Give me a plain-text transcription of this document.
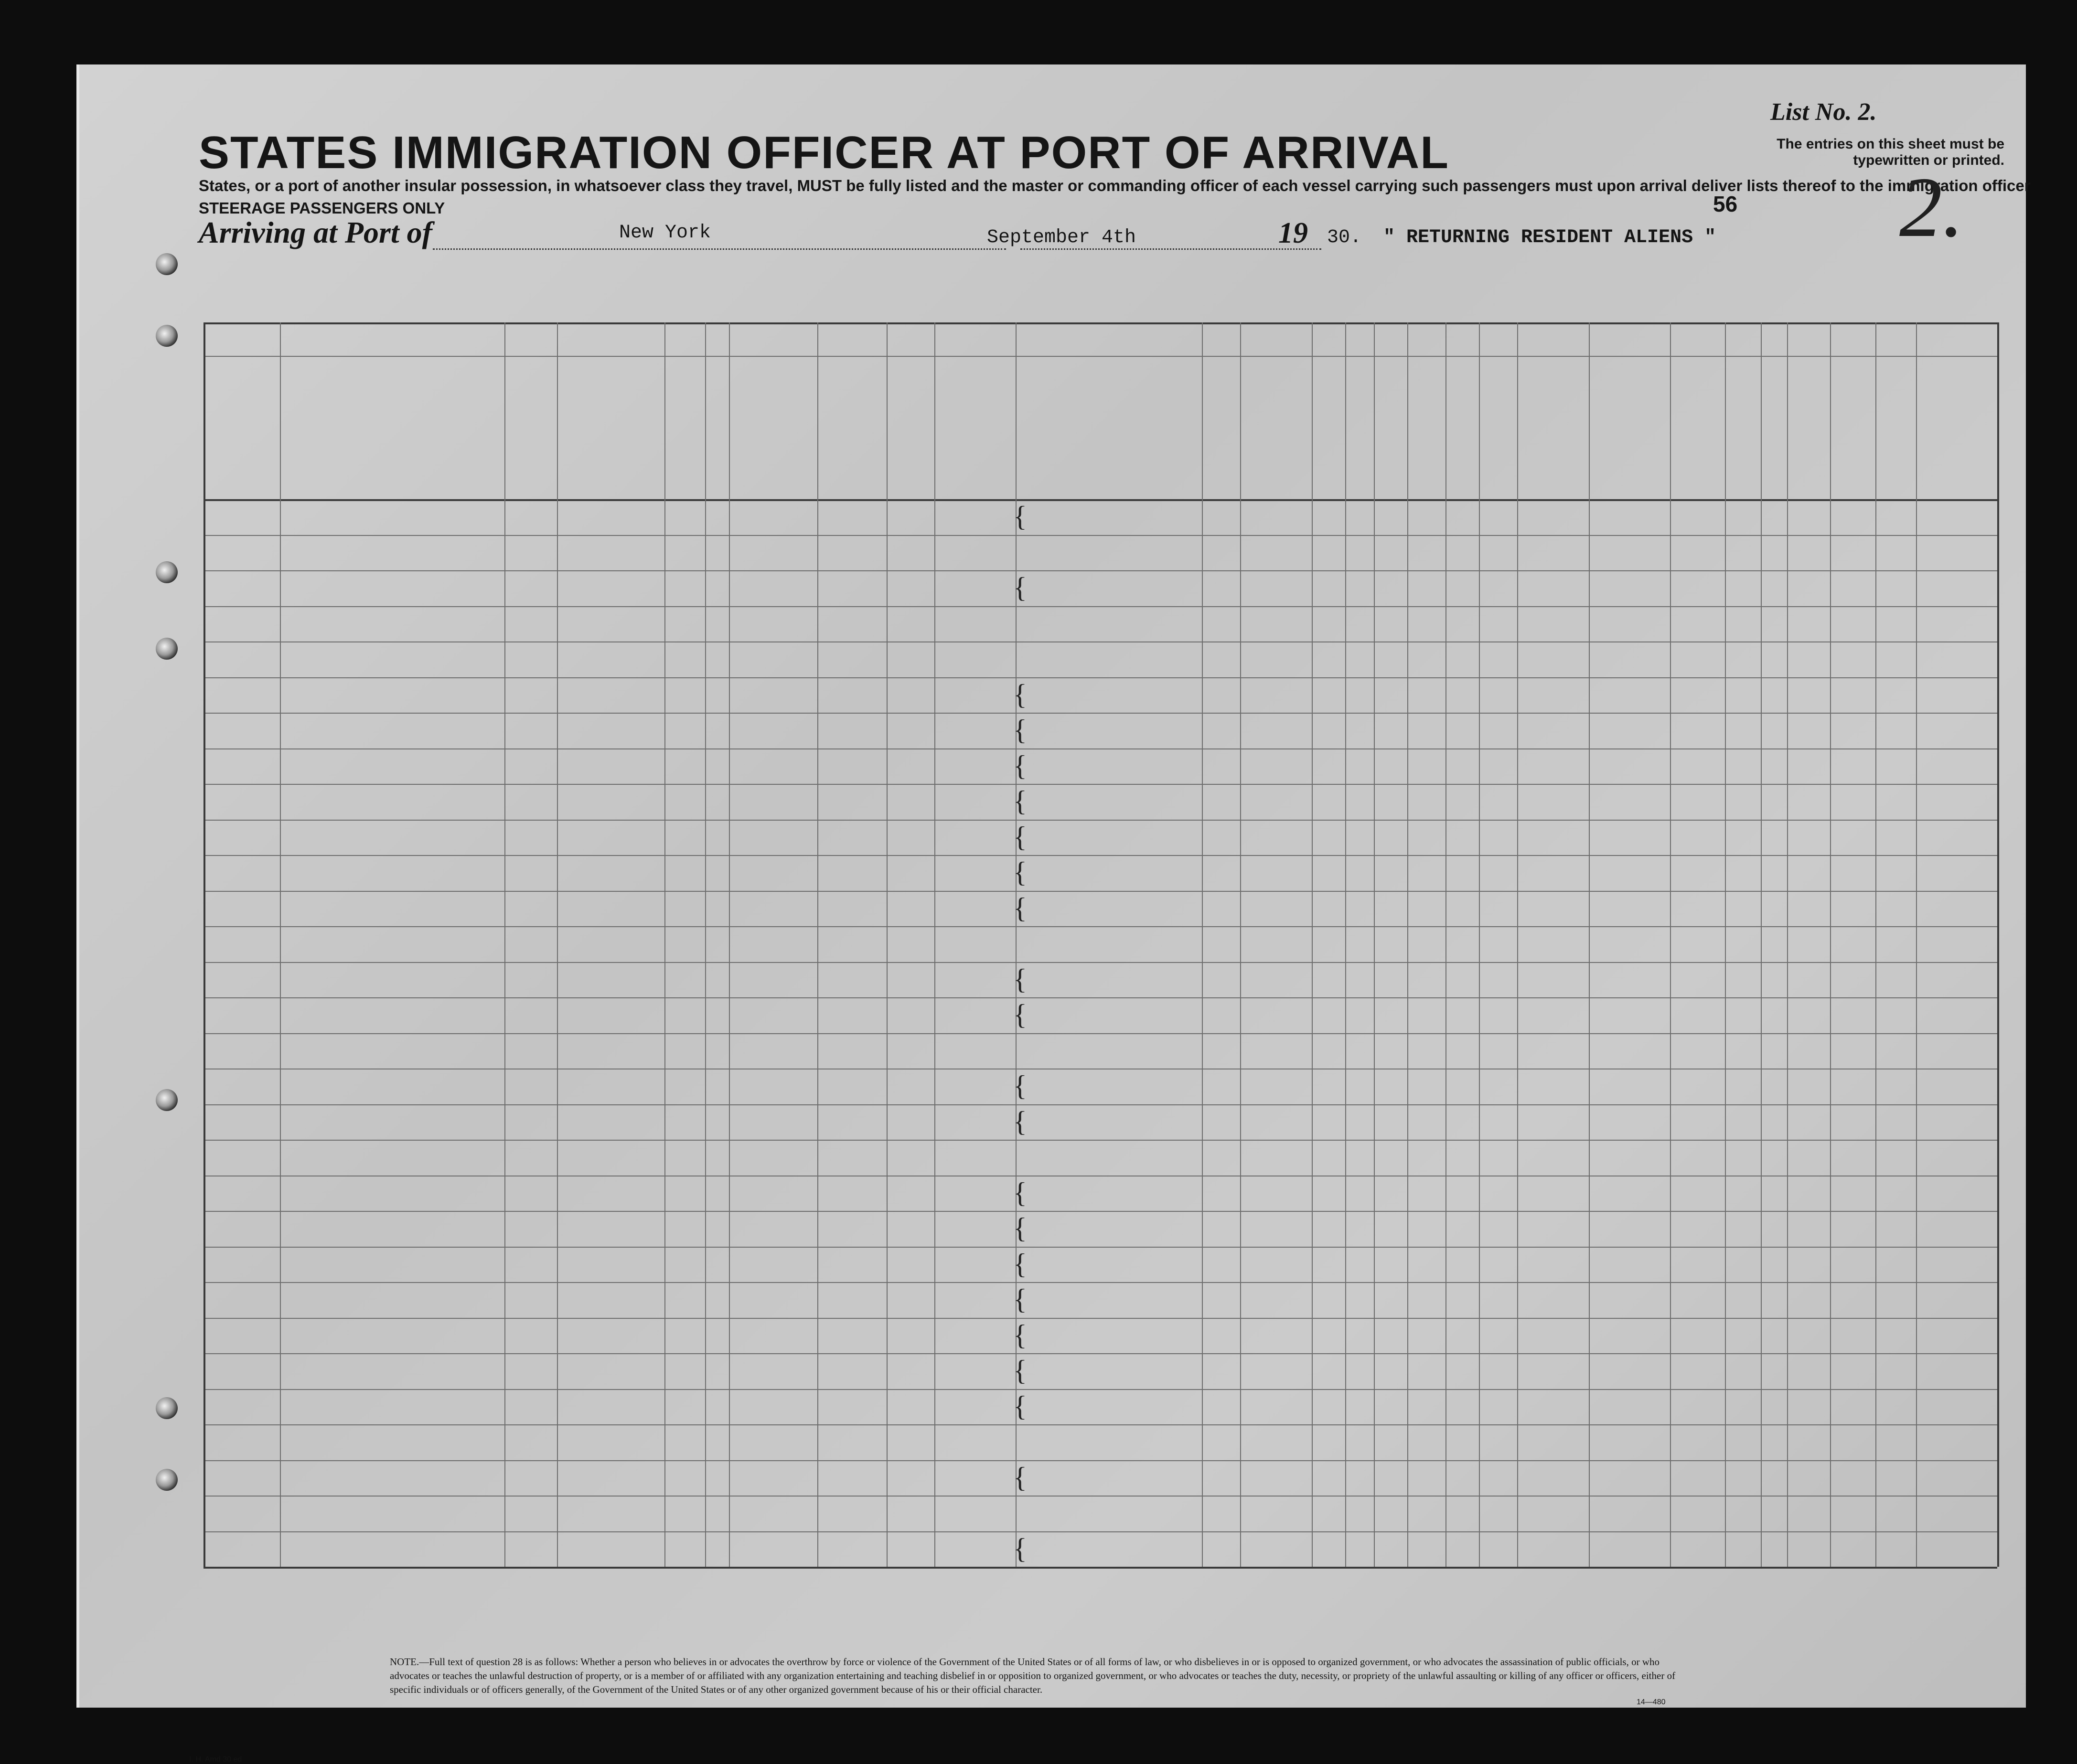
STATES IMMIGRATION OFFICER AT PORT OF ARRIVAL
States, or a port of another insular possession, in whatsoever class they travel, MUST be fully listed and the master or commanding officer of each vessel carrying such passengers must upon arrival deliver lists thereof to the immigration officer
STEERAGE PASSENGERS ONLY
List No. 2.
The entries on this sheet must be typewritten or printed.
56 2.
Arriving at Port of	New York	September 4th	19 30. " RETURNING RESIDENT ALIENS "
{
{
{
{
{
{
{
{
{
{
{
{
{
{
{
{
{
{
{
{
{
{
NOTE.—Full text of question 28 is as follows: Whether a person who believes in or advocates the overthrow by force or violence of the Government of the United States or of all forms of law, or who disbelieves in or is opposed to organized government, or who advocates the assassination of public officials, or who advocates or teaches the unlawful destruction of property, or is a member of or affiliated with any organization entertaining and teaching disbelief in or opposition to organized government, or who advocates or teaches the duty, necessity, or propriety of the unlawful assaulting or killing of any officer or officers, either of specific individuals or of officers generally, of the Government of the United States or of any other organized government because of his or their official character.
14—480
I. H. Amd 30 ed
